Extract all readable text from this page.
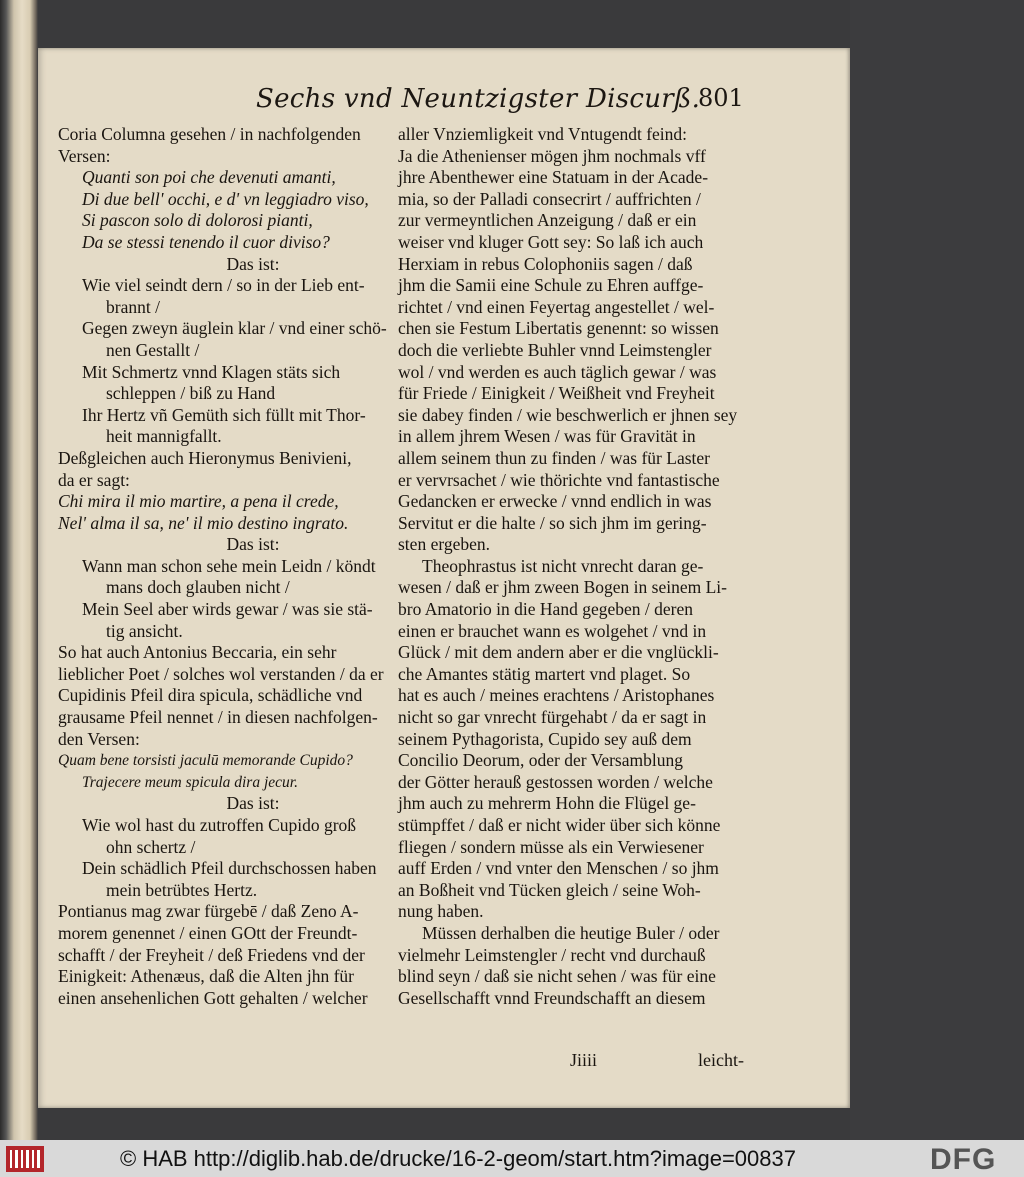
Sechs vnd Neuntzigster Discurß.
801
Coria Columna gesehen / in nachfolgenden
Versen:
Quanti son poi che devenuti amanti,
Di due bell' occhi, e d' vn leggiadro viso,
Si pascon solo di dolorosi pianti,
Da se stessi tenendo il cuor diviso?
Das ist:
Wie viel seindt dern / so in der Lieb ent-
brannt /
Gegen zweyn äuglein klar / vnd einer schö-
nen Gestallt /
Mit Schmertz vnnd Klagen stäts sich
schleppen / biß zu Hand
Ihr Hertz vñ Gemüth sich füllt mit Thor-
heit mannigfallt.
Deßgleichen auch Hieronymus Benivieni,
da er sagt:
Chi mira il mio martire, a pena il crede,
Nel' alma il sa, ne' il mio destino ingrato.
Das ist:
Wann man schon sehe mein Leidn / köndt
mans doch glauben nicht /
Mein Seel aber wirds gewar / was sie stä-
tig ansicht.
So hat auch Antonius Beccaria, ein sehr
lieblicher Poet / solches wol verstanden / da er
Cupidinis Pfeil dira spicula, schädliche vnd
grausame Pfeil nennet / in diesen nachfolgen-
den Versen:
Quam bene torsisti jaculū memorande Cupido?
Trajecere meum spicula dira jecur.
Das ist:
Wie wol hast du zutroffen Cupido groß
ohn schertz /
Dein schädlich Pfeil durchschossen haben
mein betrübtes Hertz.
Pontianus mag zwar fürgebē / daß Zeno A-
morem genennet / einen GOtt der Freundt-
schafft / der Freyheit / deß Friedens vnd der
Einigkeit: Athenæus, daß die Alten jhn für
einen ansehenlichen Gott gehalten / welcher
aller Vnziemligkeit vnd Vntugendt feind:
Ja die Athenienser mögen jhm nochmals vff
jhre Abenthewer eine Statuam in der Acade-
mia, so der Palladi consecrirt / auffrichten /
zur vermeyntlichen Anzeigung / daß er ein
weiser vnd kluger Gott sey: So laß ich auch
Herxiam in rebus Colophoniis sagen / daß
jhm die Samii eine Schule zu Ehren auffge-
richtet / vnd einen Feyertag angestellet / wel-
chen sie Festum Libertatis genennt: so wissen
doch die verliebte Buhler vnnd Leimstengler
wol / vnd werden es auch täglich gewar / was
für Friede / Einigkeit / Weißheit vnd Freyheit
sie dabey finden / wie beschwerlich er jhnen sey
in allem jhrem Wesen / was für Gravität in
allem seinem thun zu finden / was für Laster
er vervrsachet / wie thörichte vnd fantastische
Gedancken er erwecke / vnnd endlich in was
Servitut er die halte / so sich jhm im gering-
sten ergeben.
Theophrastus ist nicht vnrecht daran ge-
wesen / daß er jhm zween Bogen in seinem Li-
bro Amatorio in die Hand gegeben / deren
einen er brauchet wann es wolgehet / vnd in
Glück / mit dem andern aber er die vnglückli-
che Amantes stätig martert vnd plaget. So
hat es auch / meines erachtens / Aristophanes
nicht so gar vnrecht fürgehabt / da er sagt in
seinem Pythagorista, Cupido sey auß dem
Concilio Deorum, oder der Versamblung
der Götter herauß gestossen worden / welche
jhm auch zu mehrerm Hohn die Flügel ge-
stümpffet / daß er nicht wider über sich könne
fliegen / sondern müsse als ein Verwiesener
auff Erden / vnd vnter den Menschen / so jhm
an Boßheit vnd Tücken gleich / seine Woh-
nung haben.
Müssen derhalben die heutige Buler / oder
vielmehr Leimstengler / recht vnd durchauß
blind seyn / daß sie nicht sehen / was für eine
Gesellschafft vnnd Freundschafft an diesem
Jiiii	leicht-
© HAB http://diglib.hab.de/drucke/16-2-geom/start.htm?image=00837	DFG
